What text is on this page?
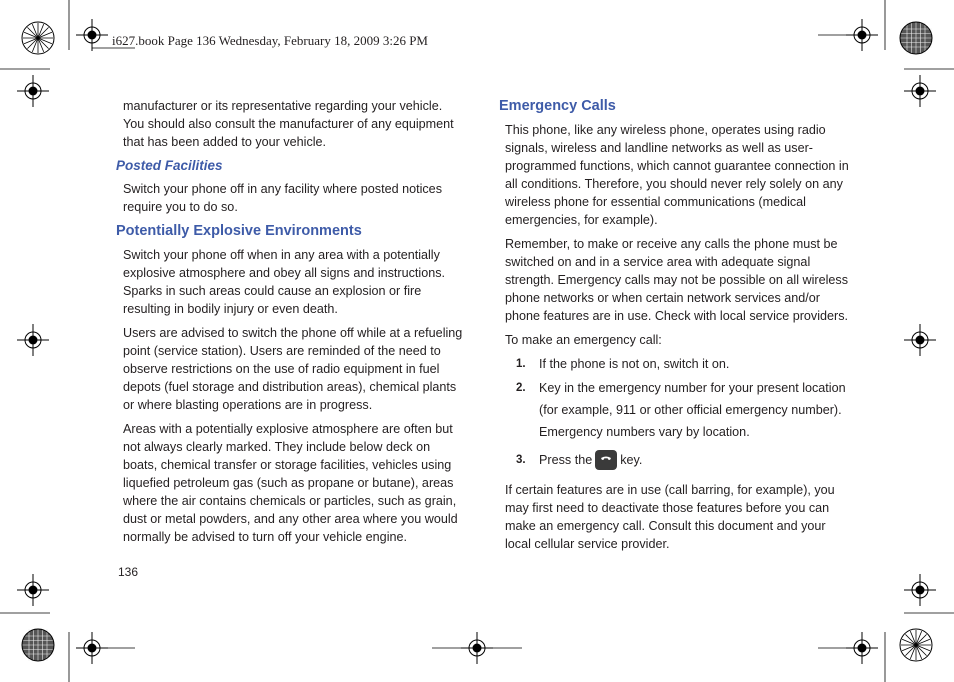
i627.book Page 136 Wednesday, February 18, 2009 3:26 PM

manufacturer or its representative regarding your vehicle. You should also consult the manufacturer of any equipment that has been added to your vehicle.

Posted Facilities

Switch your phone off in any facility where posted notices require you to do so.

Potentially Explosive Environments

Switch your phone off when in any area with a potentially explosive atmosphere and obey all signs and instructions. Sparks in such areas could cause an explosion or fire resulting in bodily injury or even death.

Users are advised to switch the phone off while at a refueling point (service station). Users are reminded of the need to observe restrictions on the use of radio equipment in fuel depots (fuel storage and distribution areas), chemical plants or where blasting operations are in progress.

Areas with a potentially explosive atmosphere are often but not always clearly marked. They include below deck on boats, chemical transfer or storage facilities, vehicles using liquefied petroleum gas (such as propane or butane), areas where the air contains chemicals or particles, such as grain, dust or metal powders, and any other area where you would normally be advised to turn off your vehicle engine.

Emergency Calls

This phone, like any wireless phone, operates using radio signals, wireless and landline networks as well as user-programmed functions, which cannot guarantee connection in all conditions. Therefore, you should never rely solely on any wireless phone for essential communications (medical emergencies, for example).

Remember, to make or receive any calls the phone must be switched on and in a service area with adequate signal strength. Emergency calls may not be possible on all wireless phone networks or when certain network services and/or phone features are in use. Check with local service providers.

To make an emergency call:

1. If the phone is not on, switch it on.
2. Key in the emergency number for your present location (for example, 911 or other official emergency number). Emergency numbers vary by location.
3. Press the key.

If certain features are in use (call barring, for example), you may first need to deactivate those features before you can make an emergency call. Consult this document and your local cellular service provider.

136
